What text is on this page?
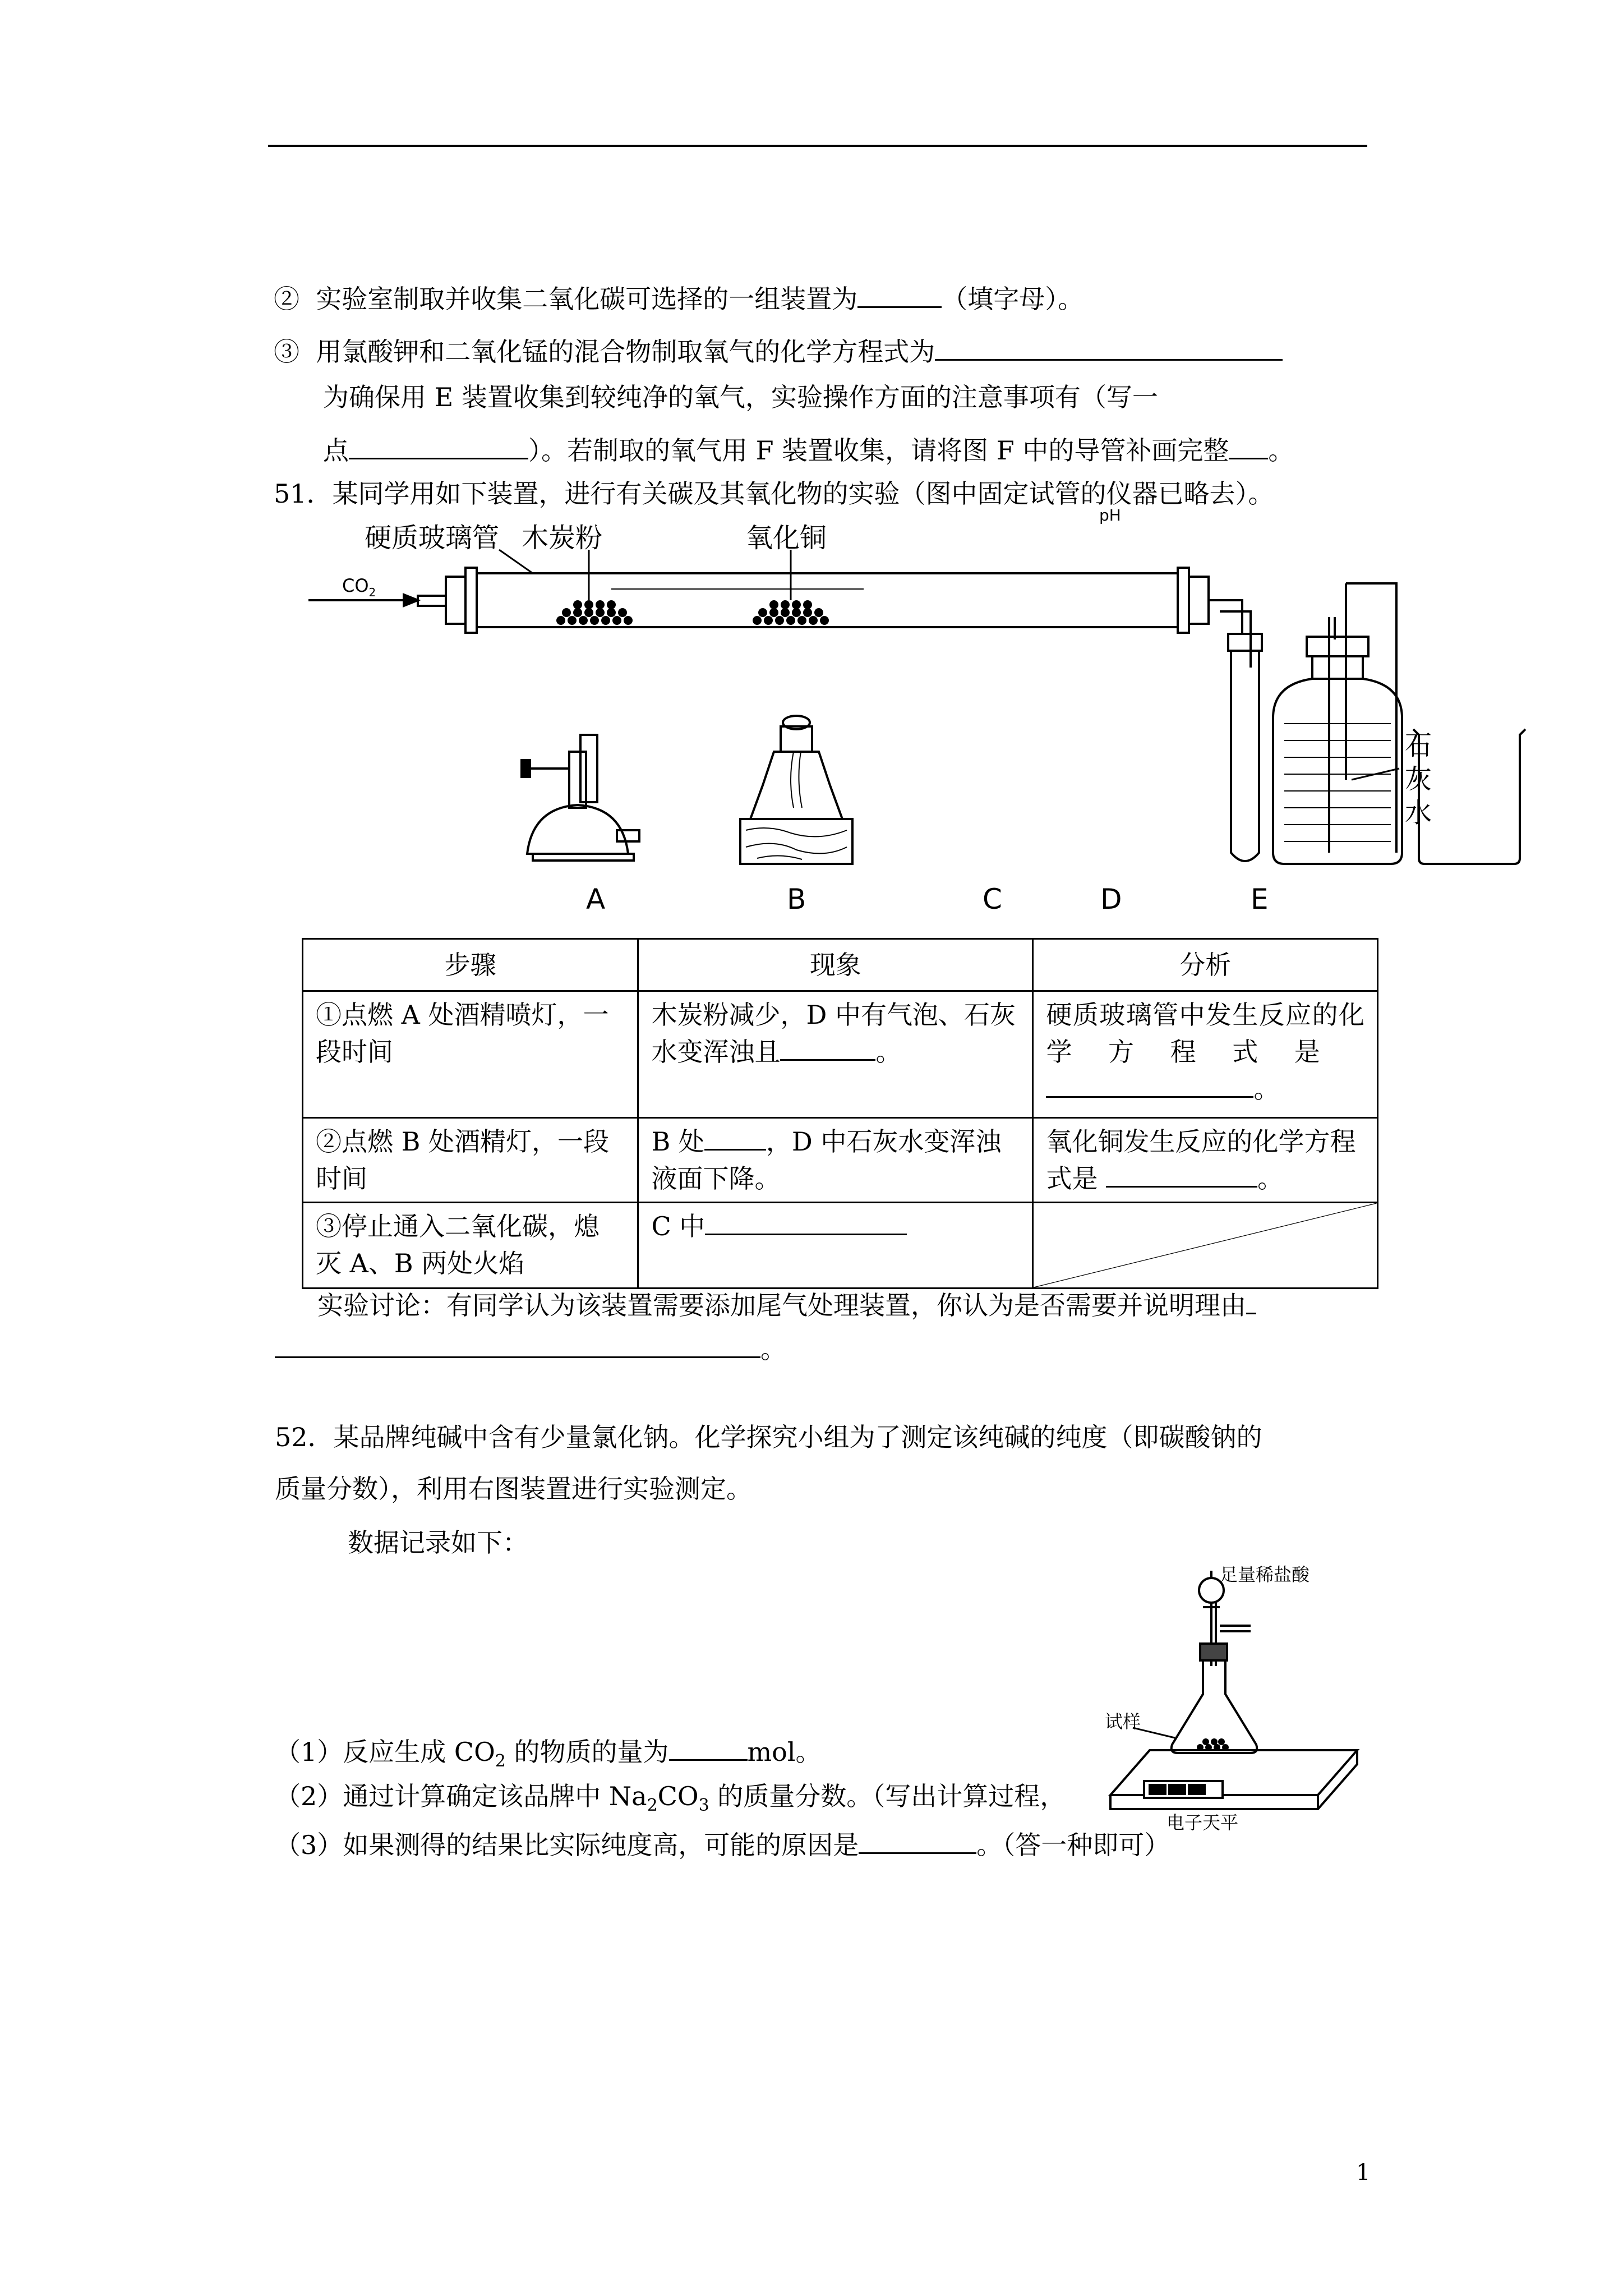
② 实验室制取并收集二氧化碳可选择的一组装置为	（填字母）。
③ 用氯酸钾和二氧化锰的混合物制取氧气的化学方程式为
为确保用 E 装置收集到较纯净的氧气，实验操作方面的注意事项有（写一
点	）。若制取的氧气用 F 装置收集，请将图 F 中的导管补画完整 。
51．某同学用如下装置，进行有关碳及其氧化物的实验（图中固定试管的仪器已略去）。
硬质玻璃管 木炭粉	氧化铜
$CO_2$
pH
石
灰
水
A	B	C	D	E
步骤	现象	分析
①点燃 A 处酒精喷灯，一段时间	木炭粉减少，D 中有气泡、石灰水变浑浊且 。	硬质玻璃管中发生反应的化学方程式是 。
②点燃 B 处酒精灯，一段时间	B 处 ，D 中石灰水变浑浊液面下降。	氧化铜发生反应的化学方程式是 。
③停止通入二氧化碳，熄灭 A、B 两处火焰	C 中	
实验讨论：有同学认为该装置需要添加尾气处理装置，你认为是否需要并说明理由
。
52．某品牌纯碱中含有少量氯化钠。化学探究小组为了测定该纯碱的纯度（即碳酸钠的
质量分数），利用右图装置进行实验测定。
数据记录如下：
足量稀盐酸
试样
电子天平
（1）反应生成 $CO_2$ 的物质的量为	mol。
（2）通过计算确定该品牌中 $Na_2CO_3$ 的质量分数。（写出计算过程，
（3）如果测得的结果比实际纯度高，可能的原因是	。（答一种即可）
1
